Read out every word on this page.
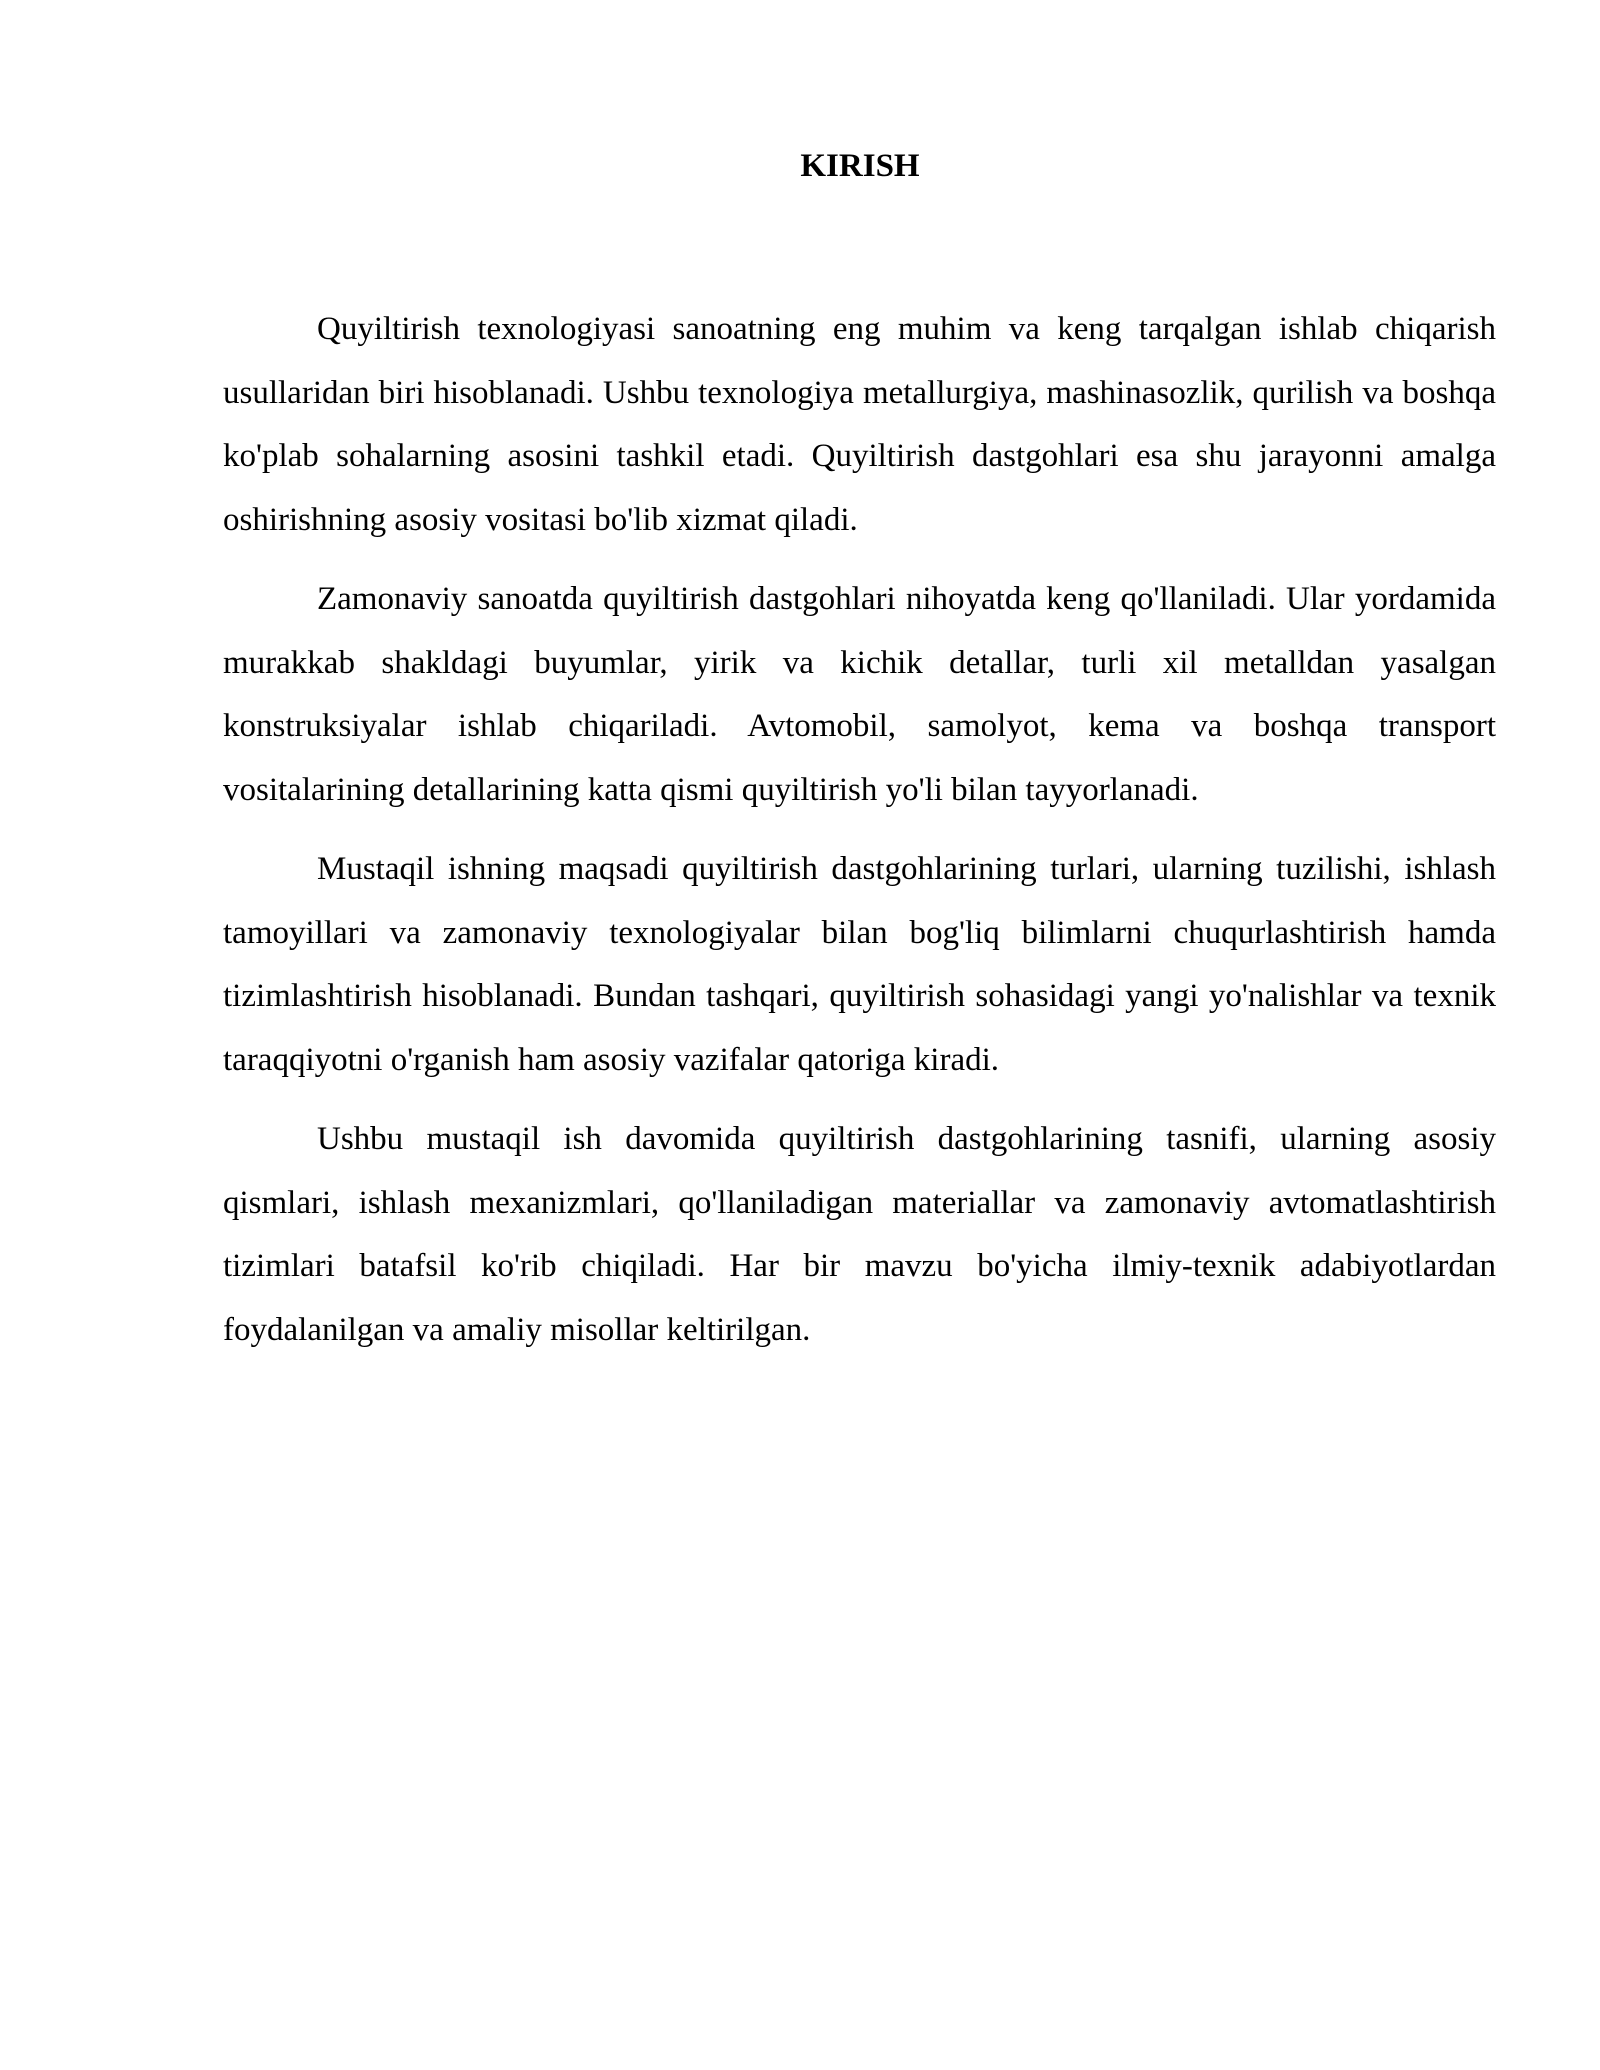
KIRISH

Quyiltirish texnologiyasi sanoatning eng muhim va keng tarqalgan ishlab chiqarish usullaridan biri hisoblanadi. Ushbu texnologiya metallurgiya, mashinasozlik, qurilish va boshqa ko'plab sohalarning asosini tashkil etadi. Quyiltirish dastgohlari esa shu jarayonni amalga oshirishning asosiy vositasi bo'lib xizmat qiladi.

Zamonaviy sanoatda quyiltirish dastgohlari nihoyatda keng qo'llaniladi. Ular yordamida murakkab shakldagi buyumlar, yirik va kichik detallar, turli xil metalldan yasalgan konstruksiyalar ishlab chiqariladi. Avtomobil, samolyot, kema va boshqa transport vositalarining detallarining katta qismi quyiltirish yo'li bilan tayyorlanadi.

Mustaqil ishning maqsadi quyiltirish dastgohlarining turlari, ularning tuzilishi, ishlash tamoyillari va zamonaviy texnologiyalar bilan bog'liq bilimlarni chuqurlashtirish hamda tizimlashtirish hisoblanadi. Bundan tashqari, quyiltirish sohasidagi yangi yo'nalishlar va texnik taraqqiyotni o'rganish ham asosiy vazifalar qatoriga kiradi.

Ushbu mustaqil ish davomida quyiltirish dastgohlarining tasnifi, ularning asosiy qismlari, ishlash mexanizmlari, qo'llaniladigan materiallar va zamonaviy avtomatlashtirish tizimlari batafsil ko'rib chiqiladi. Har bir mavzu bo'yicha ilmiy-texnik adabiyotlardan foydalanilgan va amaliy misollar keltirilgan.
